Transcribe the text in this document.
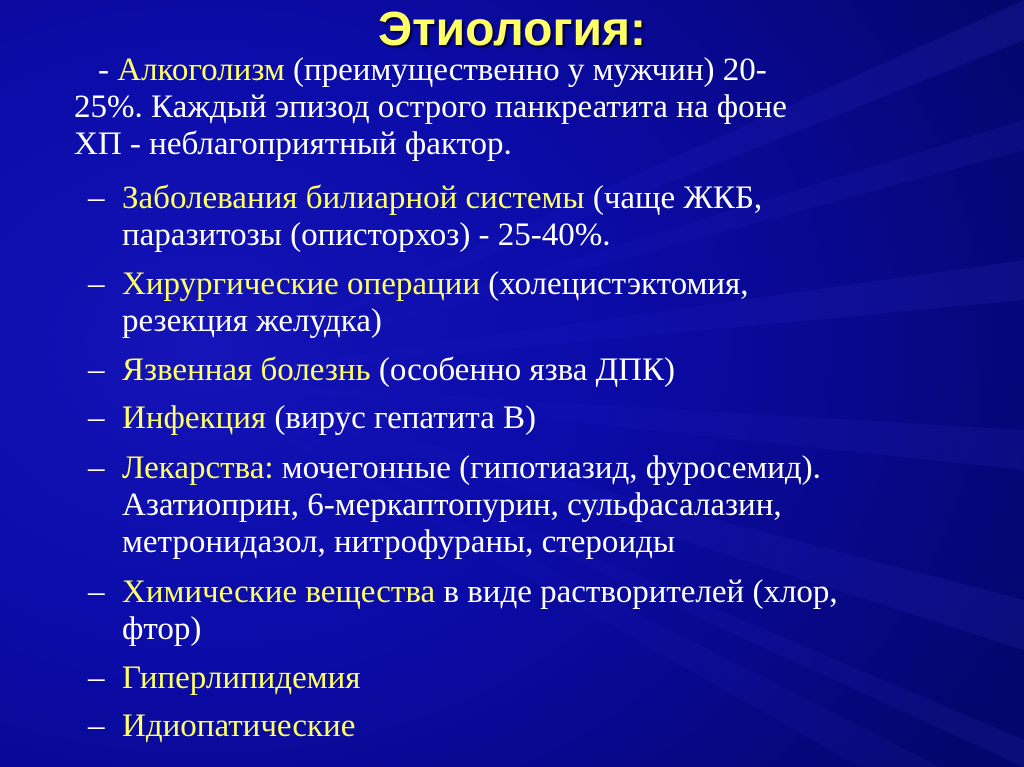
Этиология:
- Алкоголизм (преимущественно у мужчин) 20-
25%. Каждый эпизод острого панкреатита на фоне
ХП - неблагоприятный фактор.
– Заболевания билиарной системы (чаще ЖКБ,
паразитозы (описторхоз) - 25-40%.
– Хирургические операции (холецистэктомия,
резекция желудка)
– Язвенная болезнь (особенно язва ДПК)
– Инфекция (вирус гепатита В)
– Лекарства: мочегонные (гипотиазид, фуросемид).
Азатиоприн, 6-меркаптопурин, сульфасалазин,
метронидазол, нитрофураны, стероиды
– Химические вещества в виде растворителей (хлор,
фтор)
– Гиперлипидемия
– Идиопатические
